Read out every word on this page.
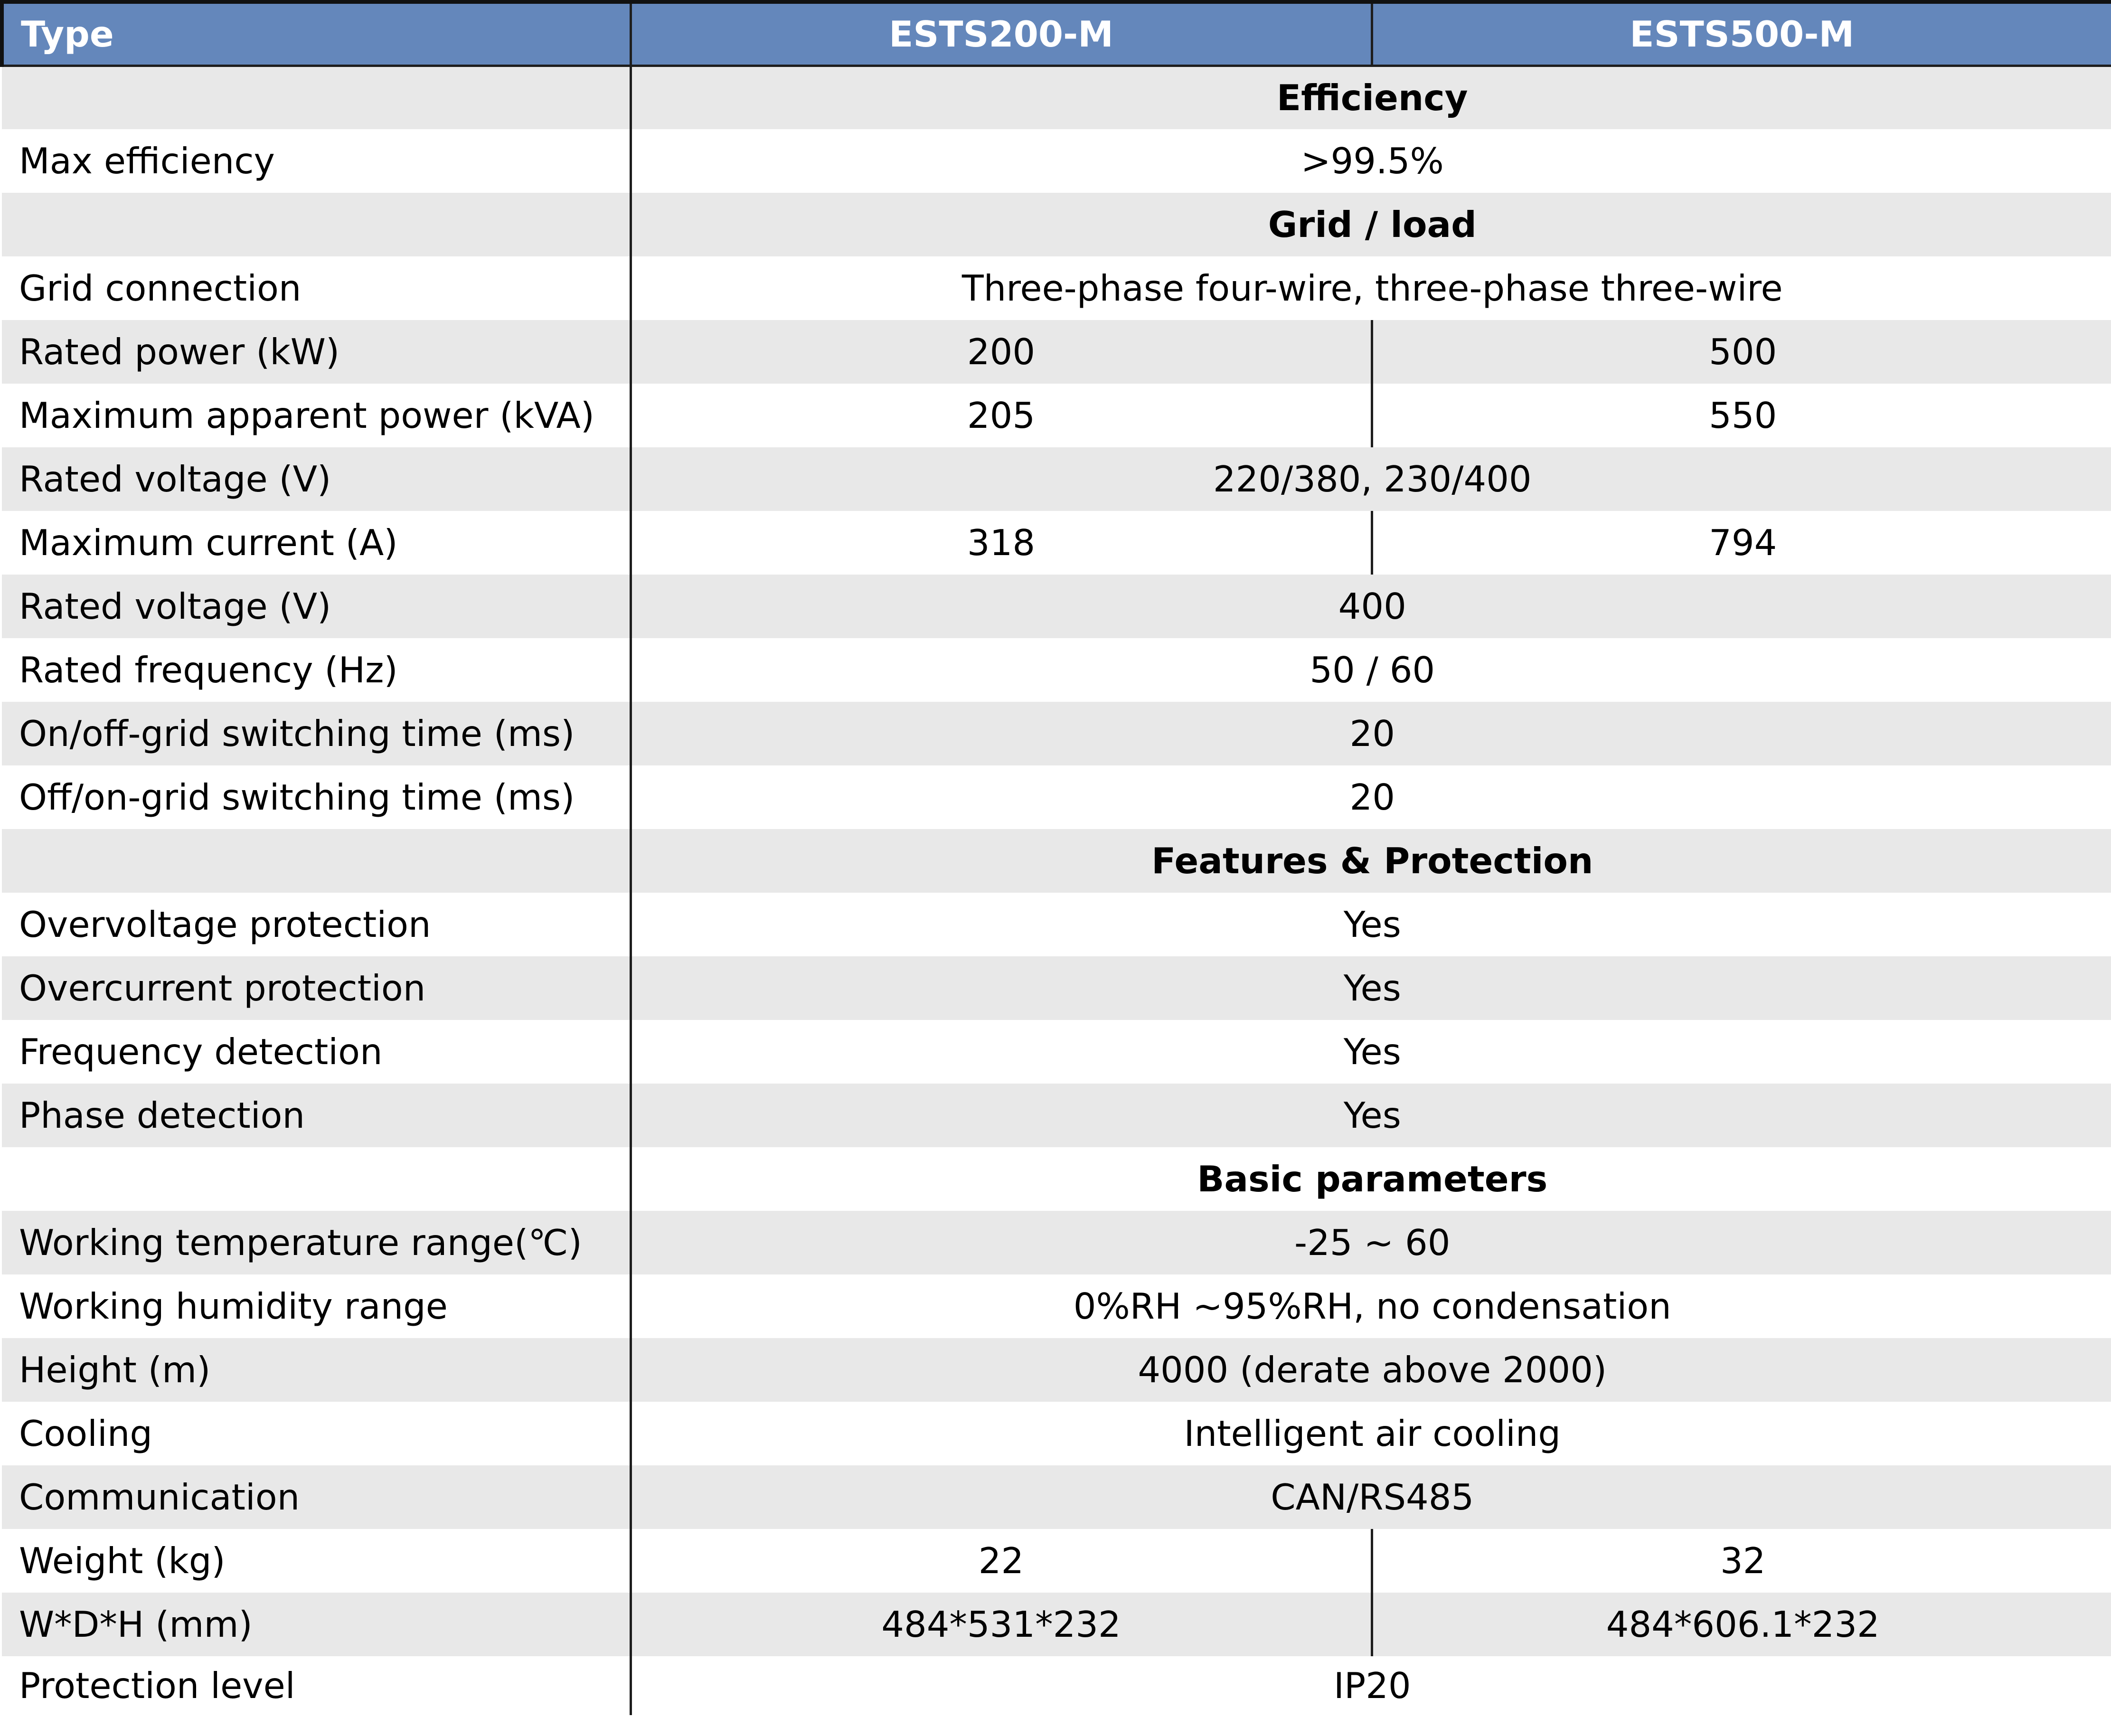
Type	ESTS200-M	ESTS500-M
	Efficiency	
Max efficiency	>99.5%	
	Grid / load	
Grid connection	Three-phase four-wire, three-phase three-wire	
Rated power (kW)	200	500
Maximum apparent power (kVA)	205	550
Rated voltage (V)	220/380, 230/400	
Maximum current (A)	318	794
Rated voltage (V)	400	
Rated frequency (Hz)	50 / 60	
On/off-grid switching time (ms)	20	
Off/on-grid switching time (ms)	20	
	Features & Protection	
Overvoltage protection	Yes	
Overcurrent protection	Yes	
Frequency detection	Yes	
Phase detection	Yes	
	Basic parameters	
Working temperature range(℃)	-25 ~ 60	
Working humidity range	0%RH ~95%RH, no condensation	
Height (m)	4000 (derate above 2000)	
Cooling	Intelligent air cooling	
Communication	CAN/RS485	
Weight (kg)	22	32
W*D*H (mm)	484*531*232	484*606.1*232
Protection level	IP20	
